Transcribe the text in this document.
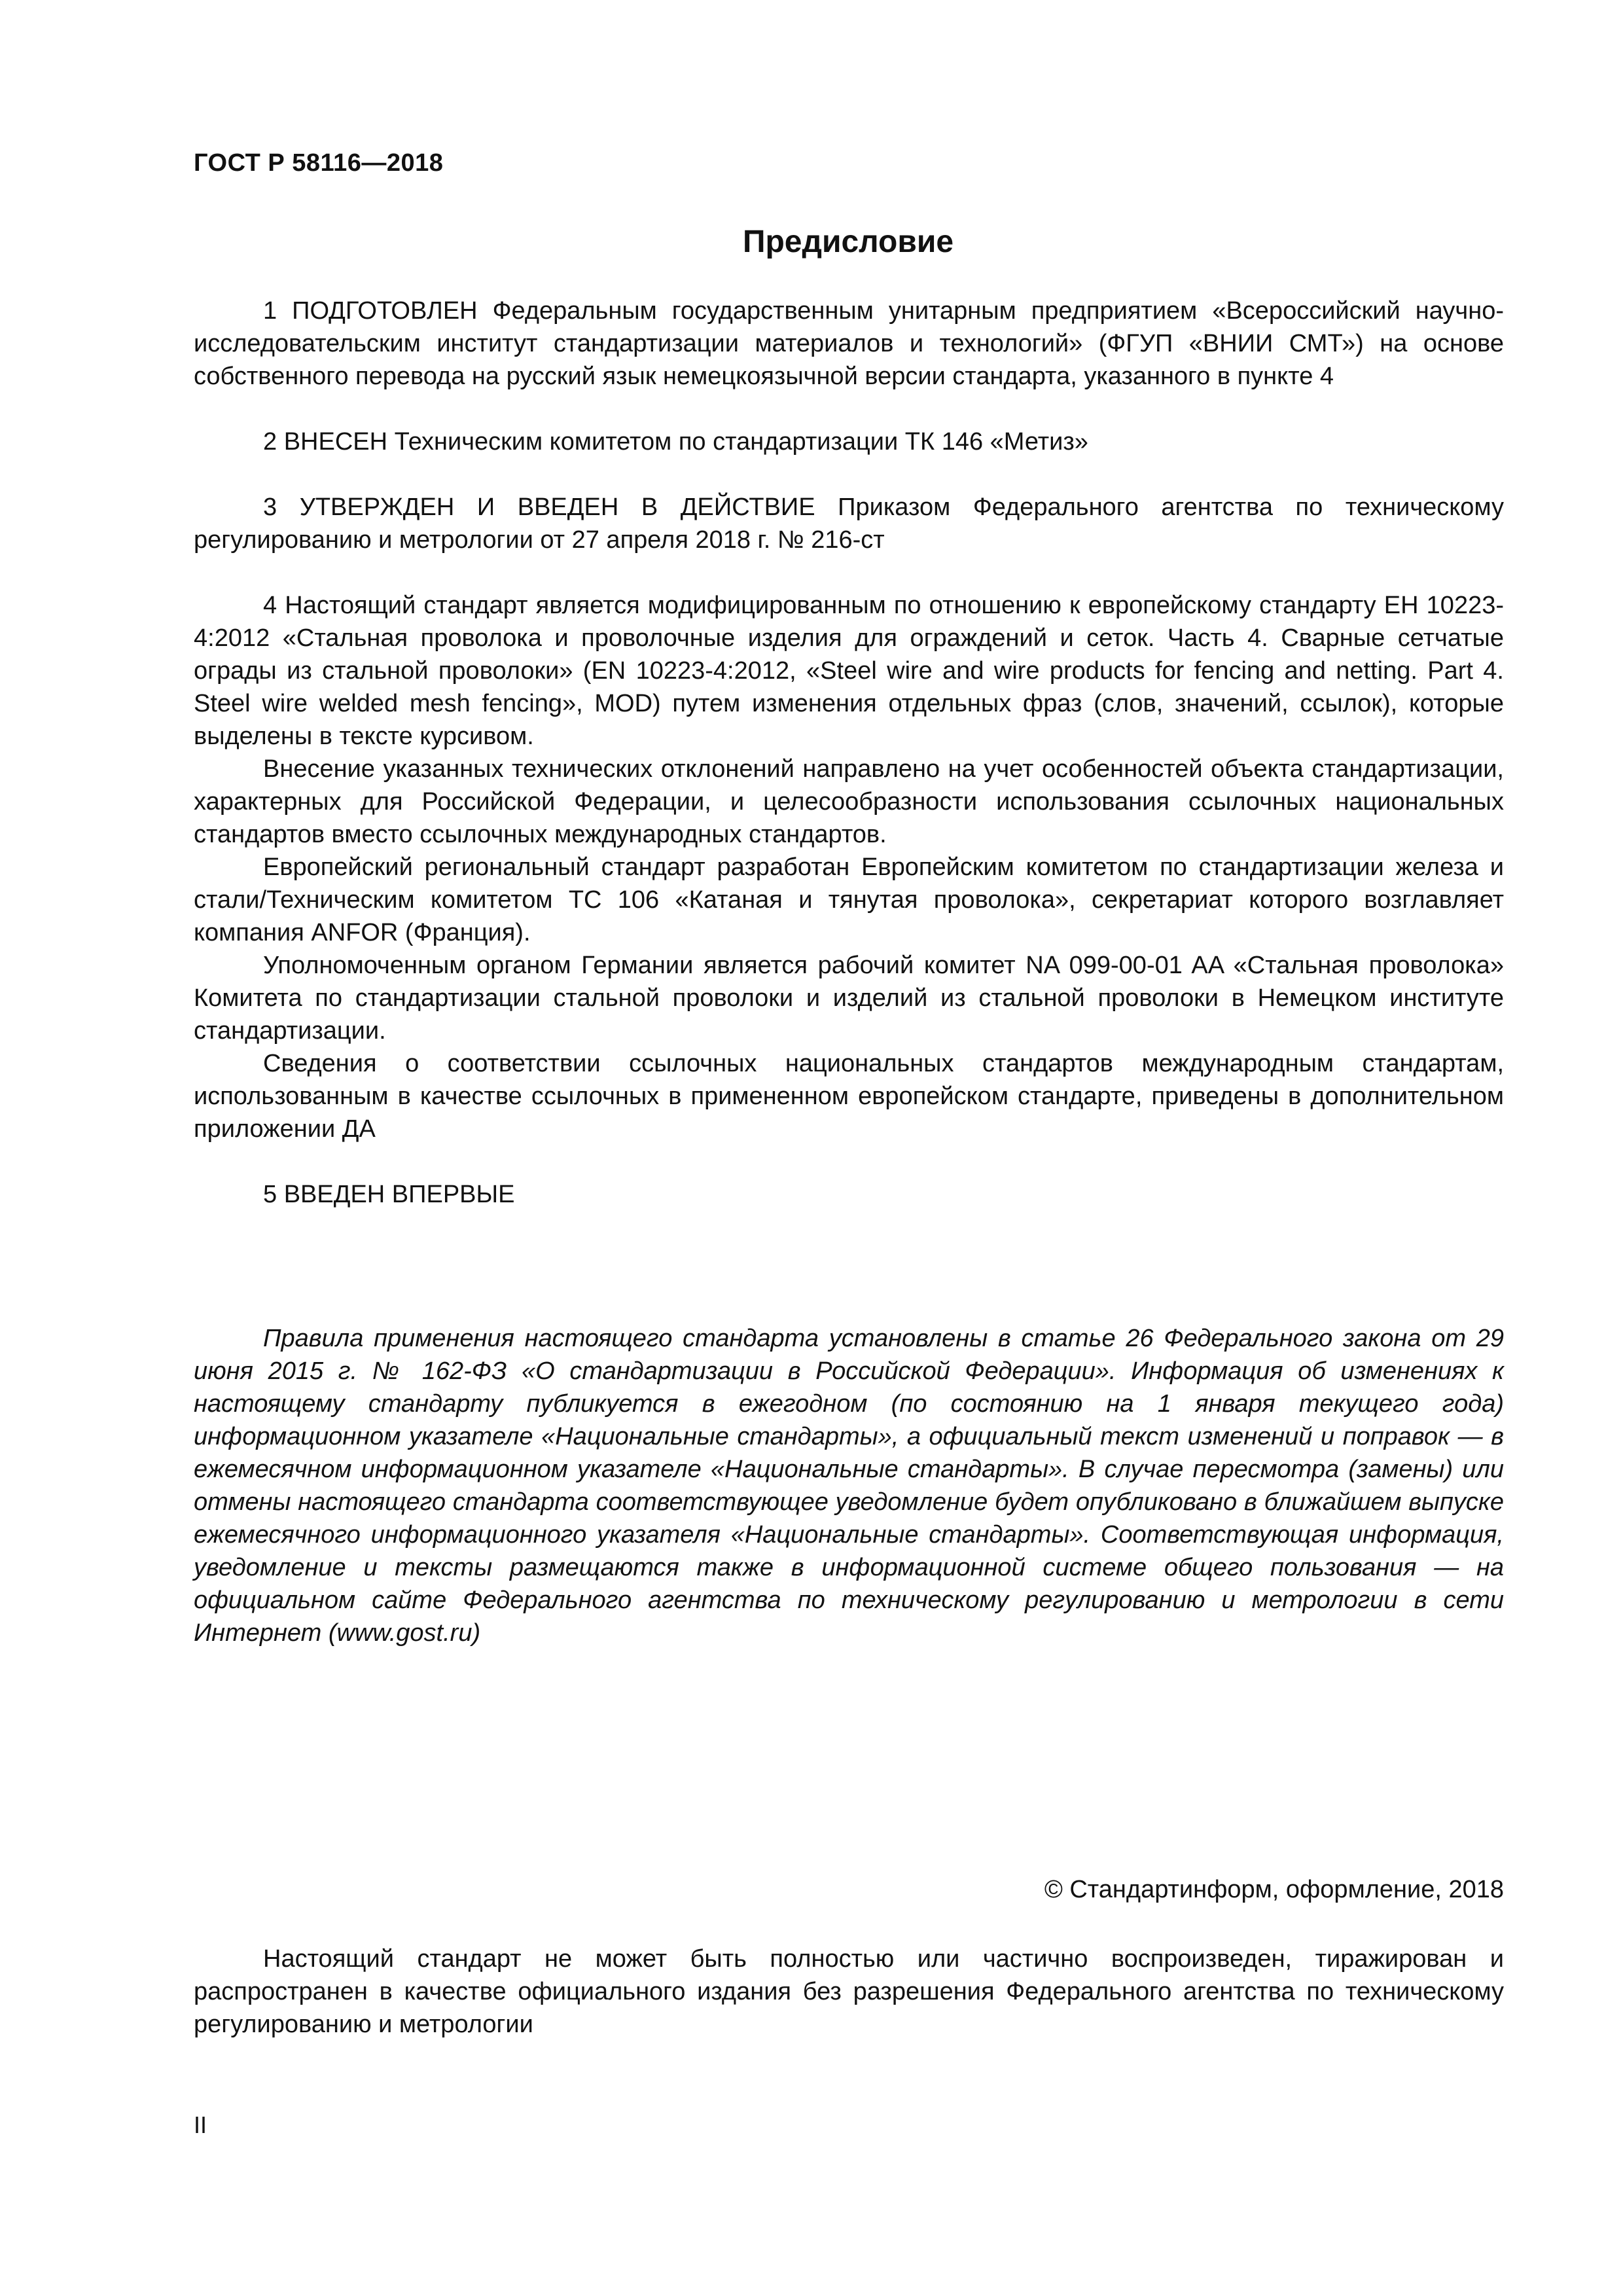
ГОСТ Р 58116—2018
Предисловие

1 ПОДГОТОВЛЕН Федеральным государственным унитарным предприятием «Всероссийский научно-исследовательским институт стандартизации материалов и технологий» (ФГУП «ВНИИ СМТ») на основе собственного перевода на русский язык немецкоязычной версии стандарта, указанного в пункте 4

2 ВНЕСЕН Техническим комитетом по стандартизации ТК 146 «Метиз»

3 УТВЕРЖДЕН И ВВЕДЕН В ДЕЙСТВИЕ Приказом Федерального агентства по техническому регулированию и метрологии от 27 апреля 2018 г. № 216-ст

4 Настоящий стандарт является модифицированным по отношению к европейскому стандарту ЕН 10223-4:2012 «Стальная проволока и проволочные изделия для ограждений и сеток. Часть 4. Сварные сетчатые ограды из стальной проволоки» (EN 10223-4:2012, «Steel wire and wire products for fencing and netting. Part 4. Steel wire welded mesh fencing», MOD) путем изменения отдельных фраз (слов, значений, ссылок), которые выделены в тексте курсивом.

Внесение указанных технических отклонений направлено на учет особенностей объекта стандартизации, характерных для Российской Федерации, и целесообразности использования ссылочных национальных стандартов вместо ссылочных международных стандартов.

Европейский региональный стандарт разработан Европейским комитетом по стандартизации железа и стали/Техническим комитетом ТС 106 «Катаная и тянутая проволока», секретариат которого возглавляет компания ANFOR (Франция).

Уполномоченным органом Германии является рабочий комитет NA 099-00-01 AA «Стальная проволока» Комитета по стандартизации стальной проволоки и изделий из стальной проволоки в Немецком институте стандартизации.

Сведения о соответствии ссылочных национальных стандартов международным стандартам, использованным в качестве ссылочных в примененном европейском стандарте, приведены в дополнительном приложении ДА

5 ВВЕДЕН ВПЕРВЫЕ

Правила применения настоящего стандарта установлены в статье 26 Федерального закона от 29 июня 2015 г. № 162-ФЗ «О стандартизации в Российской Федерации». Информация об изменениях к настоящему стандарту публикуется в ежегодном (по состоянию на 1 января текущего года) информационном указателе «Национальные стандарты», а официальный текст изменений и поправок — в ежемесячном информационном указателе «Национальные стандарты». В случае пересмотра (замены) или отмены настоящего стандарта соответствующее уведомление будет опубликовано в ближайшем выпуске ежемесячного информационного указателя «Национальные стандарты». Соответствующая информация, уведомление и тексты размещаются также в информационной системе общего пользования — на официальном сайте Федерального агентства по техническому регулированию и метрологии в сети Интернет (www.gost.ru)

© Стандартинформ, оформление, 2018

Настоящий стандарт не может быть полностью или частично воспроизведен, тиражирован и распространен в качестве официального издания без разрешения Федерального агентства по техническому регулированию и метрологии

II
